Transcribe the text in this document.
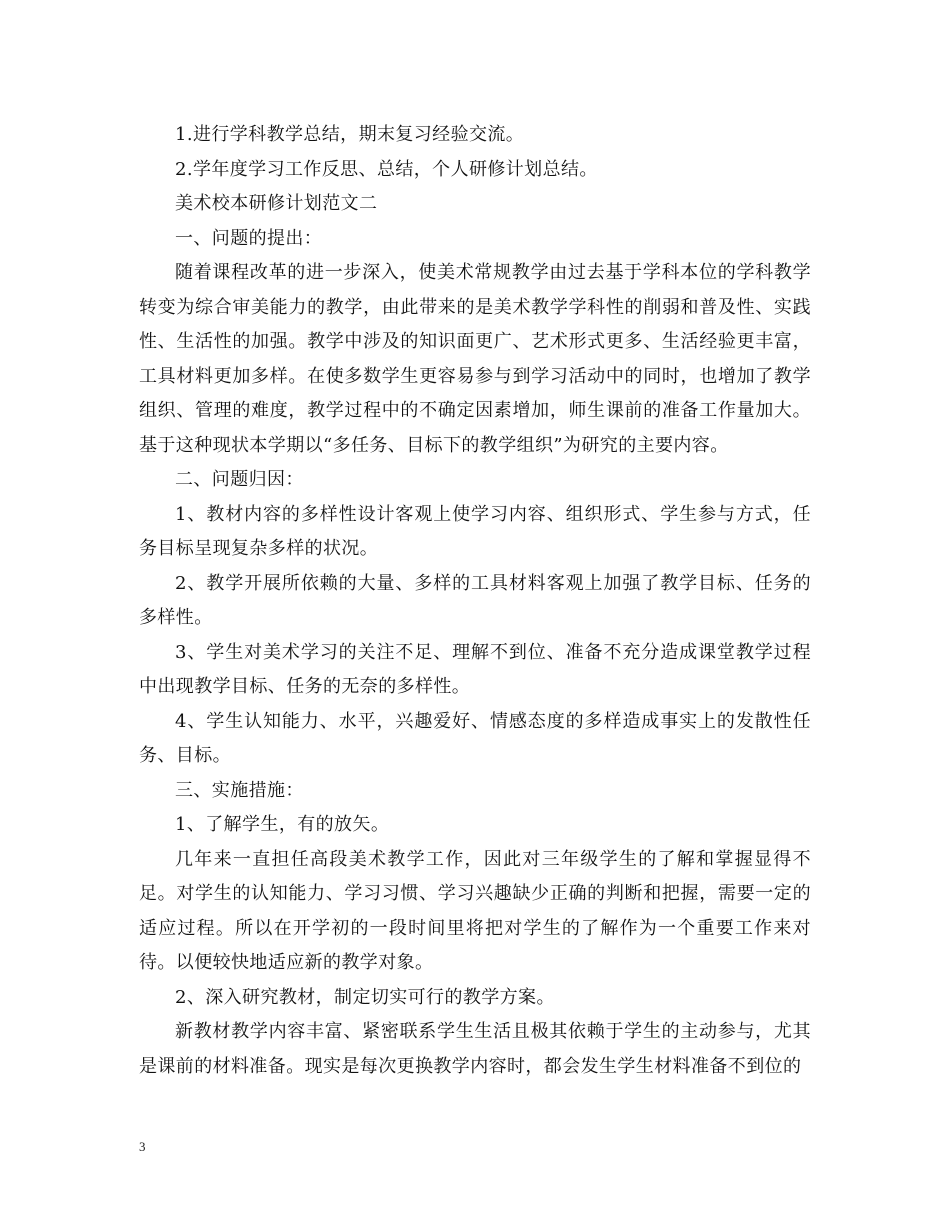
1.进行学科教学总结，期末复习经验交流。

2.学年度学习工作反思、总结，个人研修计划总结。

美术校本研修计划范文二

一、问题的提出：

随着课程改革的进一步深入，使美术常规教学由过去基于学科本位的学科教学转变为综合审美能力的教学，由此带来的是美术教学学科性的削弱和普及性、实践性、生活性的加强。教学中涉及的知识面更广、艺术形式更多、生活经验更丰富，工具材料更加多样。在使多数学生更容易参与到学习活动中的同时，也增加了教学组织、管理的难度，教学过程中的不确定因素增加，师生课前的准备工作量加大。基于这种现状本学期以“多任务、目标下的教学组织”为研究的主要内容。

二、问题归因：

1、教材内容的多样性设计客观上使学习内容、组织形式、学生参与方式，任务目标呈现复杂多样的状况。

2、教学开展所依赖的大量、多样的工具材料客观上加强了教学目标、任务的多样性。

3、学生对美术学习的关注不足、理解不到位、准备不充分造成课堂教学过程中出现教学目标、任务的无奈的多样性。

4、学生认知能力、水平，兴趣爱好、情感态度的多样造成事实上的发散性任务、目标。

三、实施措施：

1、了解学生，有的放矢。

几年来一直担任高段美术教学工作，因此对三年级学生的了解和掌握显得不足。对学生的认知能力、学习习惯、学习兴趣缺少正确的判断和把握，需要一定的适应过程。所以在开学初的一段时间里将把对学生的了解作为一个重要工作来对待。以便较快地适应新的教学对象。

2、深入研究教材，制定切实可行的教学方案。

新教材教学内容丰富、紧密联系学生生活且极其依赖于学生的主动参与，尤其是课前的材料准备。现实是每次更换教学内容时，都会发生学生材料准备不到位的

3
